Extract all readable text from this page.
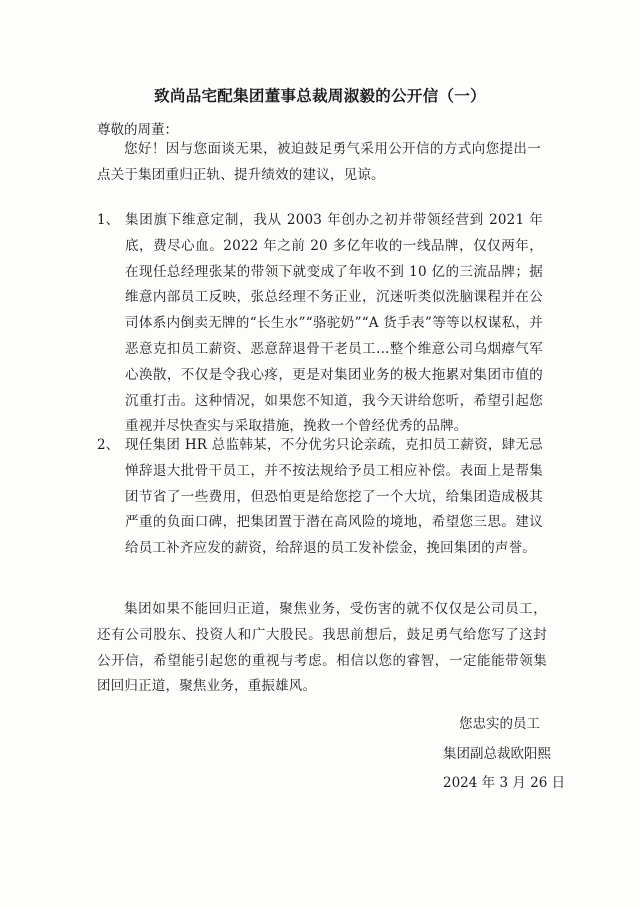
致尚品宅配集团董事总裁周淑毅的公开信（一）

尊敬的周董：

您好！因与您面谈无果，被迫鼓足勇气采用公开信的方式向您提出一点关于集团重归正轨、提升绩效的建议，见谅。

1、 集团旗下维意定制，我从 2003 年创办之初并带领经营到 2021 年底，费尽心血。2022 年之前 20 多亿年收的一线品牌，仅仅两年，在现任总经理张某的带领下就变成了年收不到 10 亿的三流品牌；据维意内部员工反映，张总经理不务正业，沉迷听类似洗脑课程并在公司体系内倒卖无牌的“长生水”“骆驼奶”“A 货手表”等等以权谋私，并恶意克扣员工薪资、恶意辞退骨干老员工...整个维意公司乌烟瘴气军心涣散，不仅是令我心疼，更是对集团业务的极大拖累对集团市值的沉重打击。这种情况，如果您不知道，我今天讲给您听，希望引起您重视并尽快查实与采取措施，挽救一个曾经优秀的品牌。

2、 现任集团 HR 总监韩某，不分优劣只论亲疏，克扣员工薪资，肆无忌惮辞退大批骨干员工，并不按法规给予员工相应补偿。表面上是帮集团节省了一些费用，但恐怕更是给您挖了一个大坑，给集团造成极其严重的负面口碑，把集团置于潜在高风险的境地，希望您三思。建议给员工补齐应发的薪资，给辞退的员工发补偿金，挽回集团的声誉。

集团如果不能回归正道，聚焦业务，受伤害的就不仅仅是公司员工，还有公司股东、投资人和广大股民。我思前想后，鼓足勇气给您写了这封公开信，希望能引起您的重视与考虑。相信以您的睿智，一定能能带领集团回归正道，聚焦业务，重振雄风。

您忠实的员工

集团副总裁欧阳熙

2024 年 3 月 26 日
